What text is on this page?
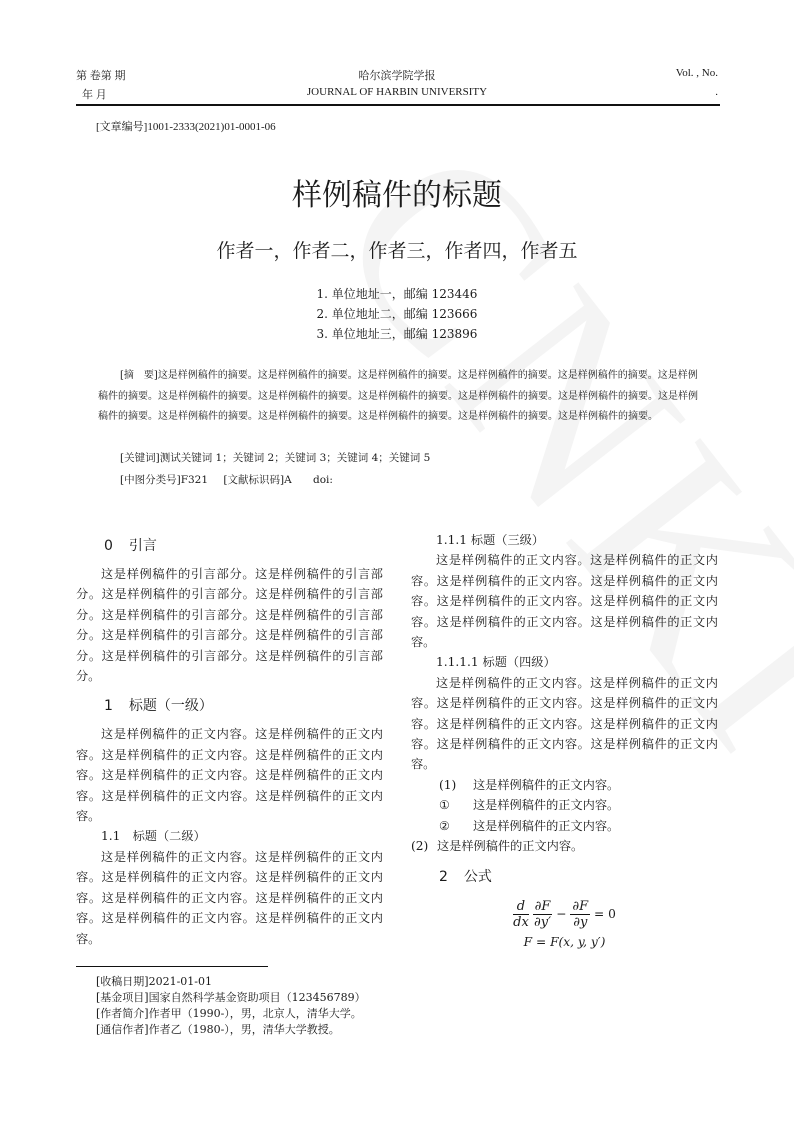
第 卷第 期
年 月
哈尔滨学院学报
JOURNAL OF HARBIN UNIVERSITY
Vol. , No.
.
[文章编号]1001-2333(2021)01-0001-06
样例稿件的标题
作者一，作者二，作者三，作者四，作者五
1. 单位地址一，邮编 123446
2. 单位地址二，邮编 123666
3. 单位地址三，邮编 123896
[摘　要]这是样例稿件的摘要。这是样例稿件的摘要。这是样例稿件的摘要。这是样例稿件的摘要。这是样例稿件的摘要。这是样例稿件的摘要。这是样例稿件的摘要。这是样例稿件的摘要。这是样例稿件的摘要。这是样例稿件的摘要。这是样例稿件的摘要。这是样例稿件的摘要。这是样例稿件的摘要。这是样例稿件的摘要。这是样例稿件的摘要。这是样例稿件的摘要。这是样例稿件的摘要。
[关键词]测试关键词 1；关键词 2；关键词 3；关键词 4；关键词 5
[中图分类号]F321 [文献标识码]A doi:

0 引言

这是样例稿件的引言部分。这是样例稿件的引言部分。这是样例稿件的引言部分。这是样例稿件的引言部分。这是样例稿件的引言部分。这是样例稿件的引言部分。这是样例稿件的引言部分。这是样例稿件的引言部分。这是样例稿件的引言部分。这是样例稿件的引言部分。

1 标题（一级）

这是样例稿件的正文内容。这是样例稿件的正文内容。这是样例稿件的正文内容。这是样例稿件的正文内容。这是样例稿件的正文内容。这是样例稿件的正文内容。这是样例稿件的正文内容。这是样例稿件的正文内容。

1.1　标题（二级）

这是样例稿件的正文内容。这是样例稿件的正文内容。这是样例稿件的正文内容。这是样例稿件的正文内容。这是样例稿件的正文内容。这是样例稿件的正文内容。这是样例稿件的正文内容。这是样例稿件的正文内容。

1.1.1 标题（三级）

这是样例稿件的正文内容。这是样例稿件的正文内容。这是样例稿件的正文内容。这是样例稿件的正文内容。这是样例稿件的正文内容。这是样例稿件的正文内容。这是样例稿件的正文内容。这是样例稿件的正文内容。

1.1.1.1 标题（四级）

这是样例稿件的正文内容。这是样例稿件的正文内容。这是样例稿件的正文内容。这是样例稿件的正文内容。这是样例稿件的正文内容。这是样例稿件的正文内容。这是样例稿件的正文内容。这是样例稿件的正文内容。

(1) 这是样例稿件的正文内容。

① 这是样例稿件的正文内容。

② 这是样例稿件的正文内容。

(2) 这是样例稿件的正文内容。

2 公式

$\frac{d}{dx}$
$\frac{\partial F}{\partial y'} - \frac{\partial F}{\partial y} = 0$
F = F(x, y, y′)
[收稿日期]2021-01-01
[基金项目]国家自然科学基金资助项目（123456789）
[作者简介]作者甲（1990-），男，北京人，清华大学。
[通信作者]作者乙（1980-），男，清华大学教授。
